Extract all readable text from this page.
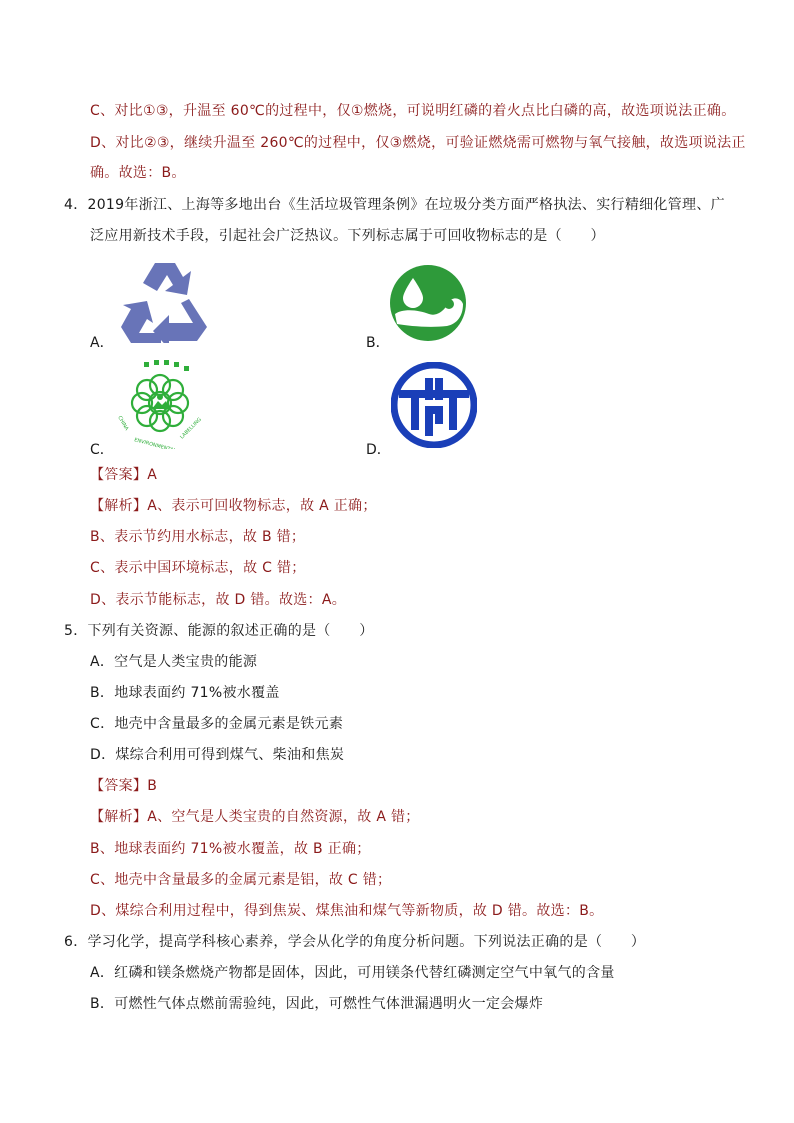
C、对比①③，升温至 60℃的过程中，仅①燃烧，可说明红磷的着火点比白磷的高，故选项说法正确。
D、对比②③，继续升温至 260℃的过程中，仅③燃烧，可验证燃烧需可燃物与氧气接触，故选项说法正
确。故选：B。
4．2019年浙江、上海等多地出台《生活垃圾管理条例》在垃圾分类方面严格执法、实行精细化管理、广
泛应用新技术手段，引起社会广泛热议。下列标志属于可回收物标志的是（　　）
A．	B．
C．
CHINA
ENVIRONMENTAL
LABELLING
D．
【答案】A
【解析】A、表示可回收物标志，故 A 正确；
B、表示节约用水标志，故 B 错；
C、表示中国环境标志，故 C 错；
D、表示节能标志，故 D 错。故选：A。
5．下列有关资源、能源的叙述正确的是（　　）
A．空气是人类宝贵的能源
B．地球表面约 71%被水覆盖
C．地壳中含量最多的金属元素是铁元素
D．煤综合利用可得到煤气、柴油和焦炭
【答案】B
【解析】A、空气是人类宝贵的自然资源，故 A 错；
B、地球表面约 71%被水覆盖，故 B 正确；
C、地壳中含量最多的金属元素是铝，故 C 错；
D、煤综合利用过程中，得到焦炭、煤焦油和煤气等新物质，故 D 错。故选：B。
6．学习化学，提高学科核心素养，学会从化学的角度分析问题。下列说法正确的是（　　）
A．红磷和镁条燃烧产物都是固体，因此，可用镁条代替红磷测定空气中氧气的含量
B．可燃性气体点燃前需验纯，因此，可燃性气体泄漏遇明火一定会爆炸
